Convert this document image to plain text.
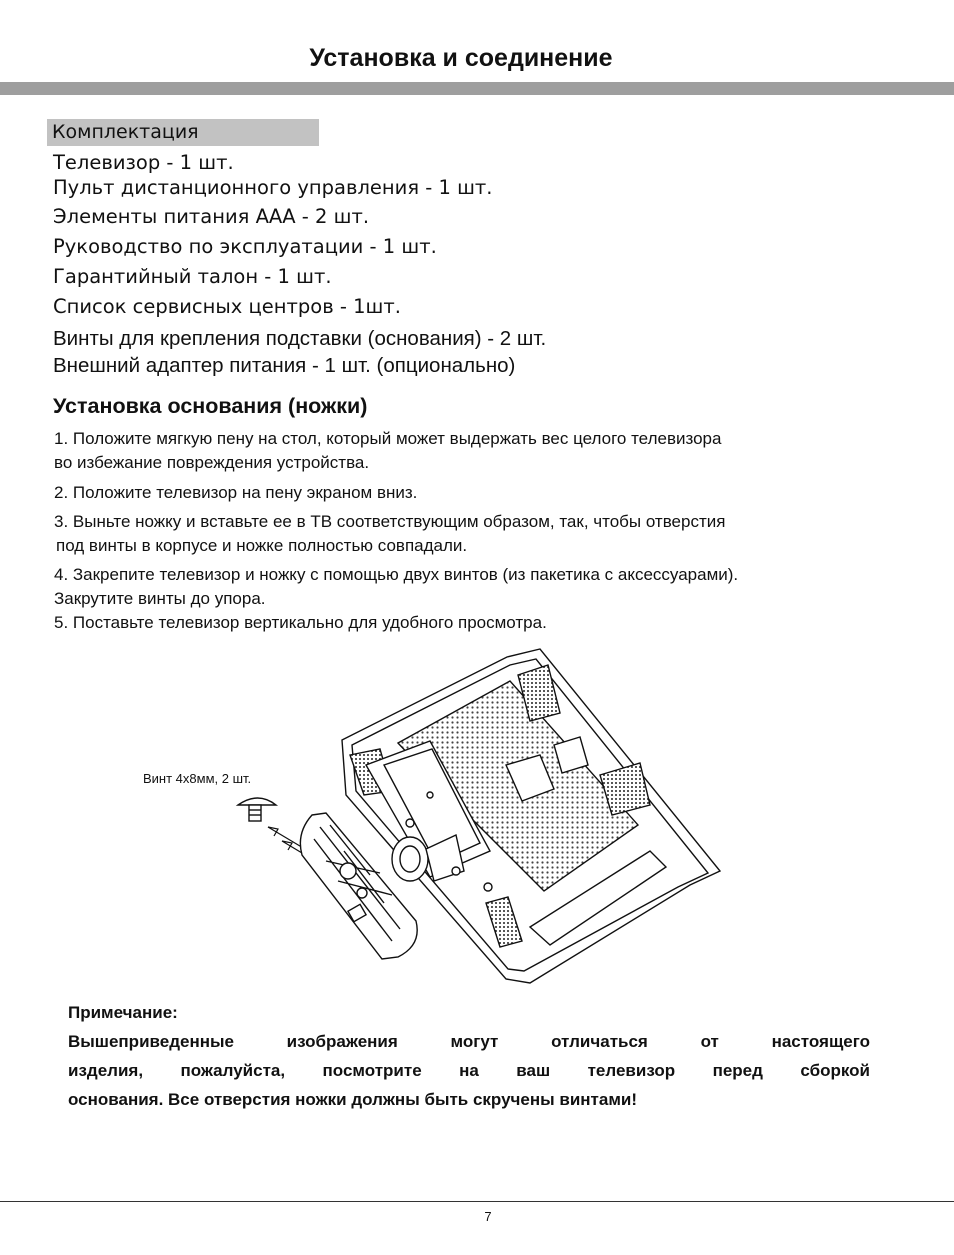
Установка и соединение
Комплектация

Телевизор - 1 шт.

Пульт дистанционного управления - 1 шт.

Элементы питания ААА - 2 шт.

Руководство по эксплуатации - 1 шт.

Гарантийный талон - 1 шт.

Список сервисных центров - 1шт.

Винты для крепления подставки (основания) - 2 шт.

Внешний адаптер питания - 1 шт. (опционально)

Установка основания (ножки)
1. Положите мягкую пену на стол, который может выдержать вес целого телевизора
во избежание повреждения устройства.
2. Положите телевизор на пену экраном вниз.
3. Выньте ножку и вставьте ее в ТВ соответствующим образом, так, чтобы отверстия
под винты в корпусе и ножке полностью совпадали.
4. Закрепите телевизор и ножку с помощью двух винтов (из пакетика с аксессуарами).
Закрутите винты до упора.
5. Поставьте телевизор вертикально для удобного просмотра.
Винт 4х8мм, 2 шт.
Примечание:
Вышеприведенные изображения могут отличаться от настоящего
изделия, пожалуйста, посмотрите на ваш телевизор перед сборкой
основания. Все отверстия ножки должны быть скручены винтами!
7
